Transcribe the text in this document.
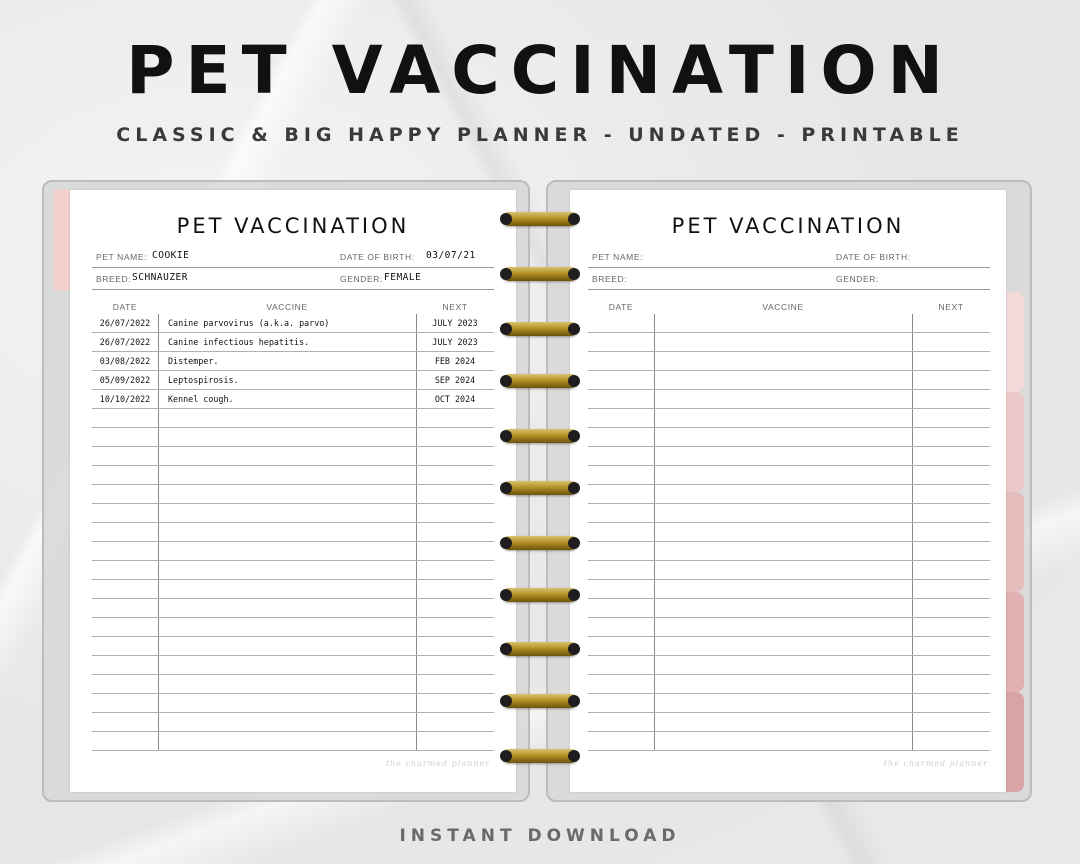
PET VACCINATION
CLASSIC & BIG HAPPY PLANNER - UNDATED - PRINTABLE
PET VACCINATION
PET NAME: COOKIE	DATE OF BIRTH: 03/07/21
BREED: SCHNAUZER	GENDER: FEMALE
DATE	VACCINE	NEXT
26/07/2022	Canine parvovirus (a.k.a. parvo)	JULY 2023
26/07/2022	Canine infectious hepatitis.	JULY 2023
03/08/2022	Distemper.	FEB 2024
05/09/2022	Leptospirosis.	SEP 2024
10/10/2022	Kennel cough.	OCT 2024
the charmed planner
PET VACCINATION
PET NAME:	DATE OF BIRTH:
BREED:	GENDER:
DATE	VACCINE	NEXT
the charmed planner
INSTANT DOWNLOAD
